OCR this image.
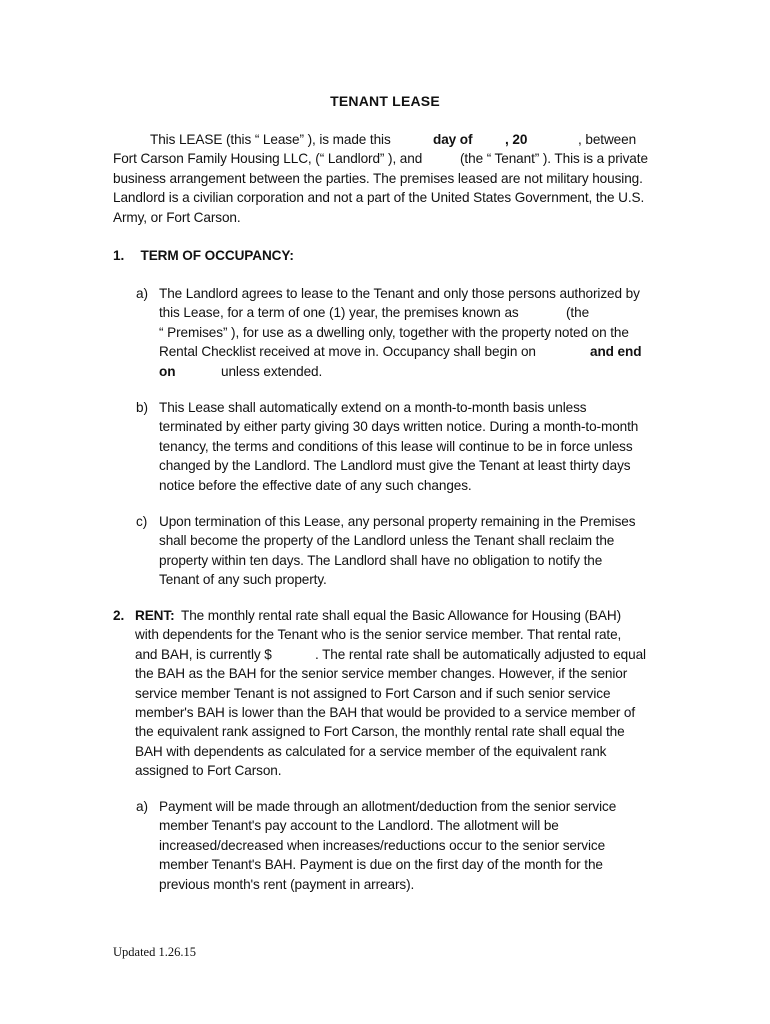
TENANT LEASE
This LEASE (this “ Lease” ), is made this	day of , 20	, between
Fort Carson Family Housing LLC, (“ Landlord” ), and	(the “ Tenant” ). This is a private
business arrangement between the parties. The premises leased are not military housing.
Landlord is a civilian corporation and not a part of the United States Government, the U.S.
Army, or Fort Carson.
1. TERM OF OCCUPANCY:
a) The Landlord agrees to lease to the Tenant and only those persons authorized by
this Lease, for a term of one (1) year, the premises known as	(the
“ Premises” ), for use as a dwelling only, together with the property noted on the
Rental Checklist received at move in. Occupancy shall begin on	and end
on	unless extended.
b) This Lease shall automatically extend on a month-to-month basis unless
terminated by either party giving 30 days written notice. During a month-to-month
tenancy, the terms and conditions of this lease will continue to be in force unless
changed by the Landlord. The Landlord must give the Tenant at least thirty days
notice before the effective date of any such changes.
c) Upon termination of this Lease, any personal property remaining in the Premises
shall become the property of the Landlord unless the Tenant shall reclaim the
property within ten days. The Landlord shall have no obligation to notify the
Tenant of any such property.
2. RENT: The monthly rental rate shall equal the Basic Allowance for Housing (BAH)
with dependents for the Tenant who is the senior service member. That rental rate,
and BAH, is currently $	. The rental rate shall be automatically adjusted to equal
the BAH as the BAH for the senior service member changes. However, if the senior
service member Tenant is not assigned to Fort Carson and if such senior service
member's BAH is lower than the BAH that would be provided to a service member of
the equivalent rank assigned to Fort Carson, the monthly rental rate shall equal the
BAH with dependents as calculated for a service member of the equivalent rank
assigned to Fort Carson.
a) Payment will be made through an allotment/deduction from the senior service
member Tenant's pay account to the Landlord. The allotment will be
increased/decreased when increases/reductions occur to the senior service
member Tenant's BAH. Payment is due on the first day of the month for the
previous month's rent (payment in arrears).
Updated 1.26.15
